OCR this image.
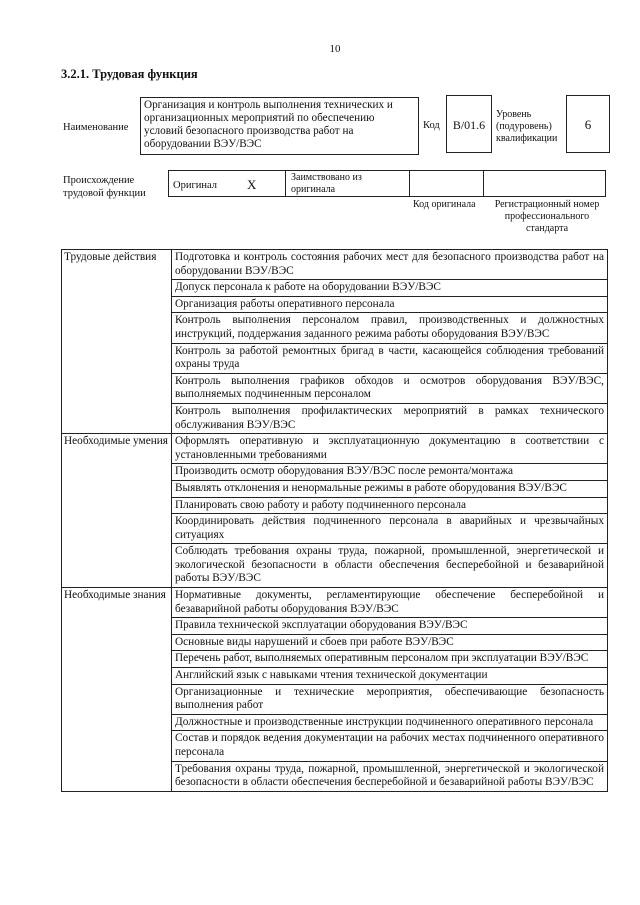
10
3.2.1. Трудовая функция
Наименование
Организация и контроль выполнения технических и организационных мероприятий по обеспечению условий безопасного производства работ на оборудовании ВЭУ/ВЭС
Код	B/01.6
Уровень (подуровень) квалификации
6
Происхождение трудовой функции
Оригинал X	Заимствовано из оригинала
Код оригинала	Регистрационный номер профессионального стандарта
Трудовые действия	Подготовка и контроль состояния рабочих мест для безопасного производства работ на оборудовании ВЭУ/ВЭС
	Допуск персонала к работе на оборудовании ВЭУ/ВЭС
	Организация работы оперативного персонала
	Контроль выполнения персоналом правил, производственных и должностных инструкций, поддержания заданного режима работы оборудования ВЭУ/ВЭС
	Контроль за работой ремонтных бригад в части, касающейся соблюдения требований охраны труда
	Контроль выполнения графиков обходов и осмотров оборудования ВЭУ/ВЭС, выполняемых подчиненным персоналом
	Контроль выполнения профилактических мероприятий в рамках технического обслуживания ВЭУ/ВЭС
Необходимые умения	Оформлять оперативную и эксплуатационную документацию в соответствии с установленными требованиями
	Производить осмотр оборудования ВЭУ/ВЭС после ремонта/монтажа
	Выявлять отклонения и ненормальные режимы в работе оборудования ВЭУ/ВЭС
	Планировать свою работу и работу подчиненного персонала
	Координировать действия подчиненного персонала в аварийных и чрезвычайных ситуациях
	Соблюдать требования охраны труда, пожарной, промышленной, энергетической и экологической безопасности в области обеспечения бесперебойной и безаварийной работы ВЭУ/ВЭС
Необходимые знания	Нормативные документы, регламентирующие обеспечение бесперебойной и безаварийной работы оборудования ВЭУ/ВЭС
	Правила технической эксплуатации оборудования ВЭУ/ВЭС
	Основные виды нарушений и сбоев при работе ВЭУ/ВЭС
	Перечень работ, выполняемых оперативным персоналом при эксплуатации ВЭУ/ВЭС
	Английский язык с навыками чтения технической документации
	Организационные и технические мероприятия, обеспечивающие безопасность выполнения работ
	Должностные и производственные инструкции подчиненного оперативного персонала
	Состав и порядок ведения документации на рабочих местах подчиненного оперативного персонала
	Требования охраны труда, пожарной, промышленной, энергетической и экологической безопасности в области обеспечения бесперебойной и безаварийной работы ВЭУ/ВЭС
